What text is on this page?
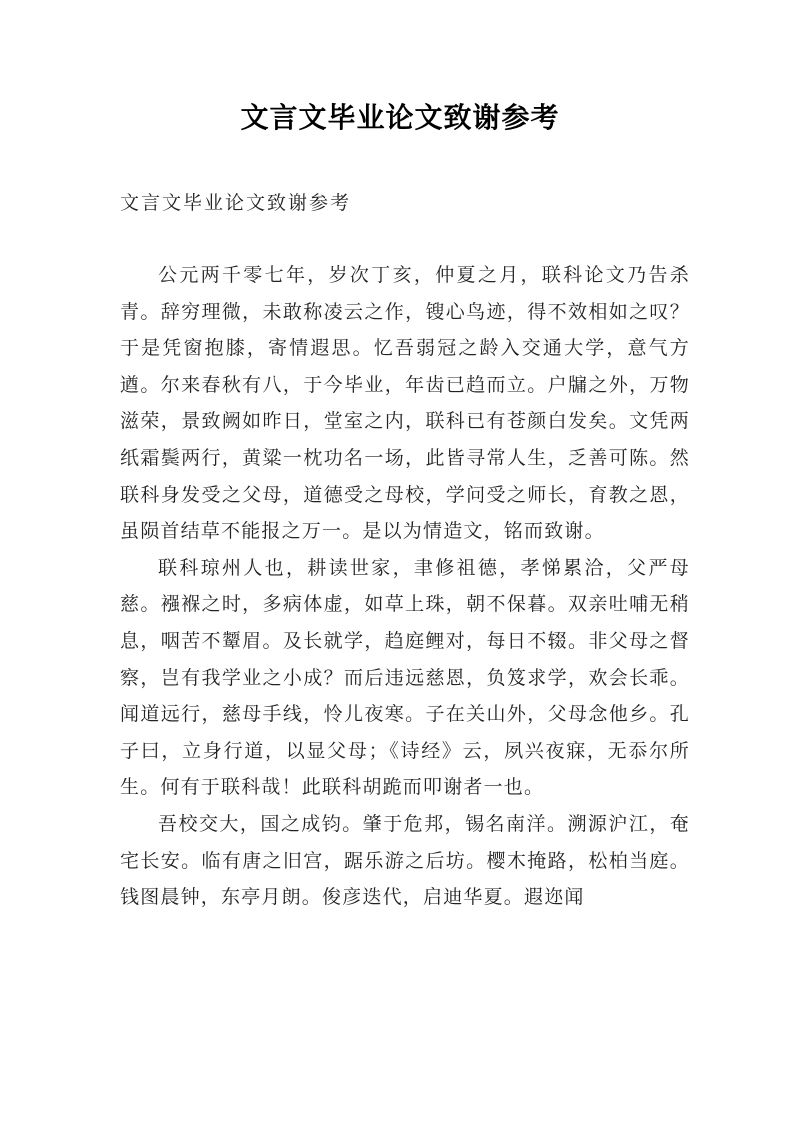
文言文毕业论文致谢参考
文言文毕业论文致谢参考

公元两千零七年，岁次丁亥，仲夏之月，联科论文乃告杀青。辞穷理微，未敢称凌云之作，锼心鸟迹，得不效相如之叹？于是凭窗抱膝，寄情遐思。忆吾弱冠之龄入交通大学，意气方遒。尔来春秋有八，于今毕业，年齿已趋而立。户牖之外，万物滋荣，景致阙如昨日，堂室之内，联科已有苍颜白发矣。文凭两纸霜鬓两行，黄粱一枕功名一场，此皆寻常人生，乏善可陈。然联科身发受之父母，道德受之母校，学问受之师长，育教之恩，虽陨首结草不能报之万一。是以为情造文，铭而致谢。

联科琼州人也，耕读世家，聿修祖德，孝悌累洽，父严母慈。襁褓之时，多病体虚，如草上珠，朝不保暮。双亲吐哺无稍息，咽苦不颦眉。及长就学，趋庭鲤对，每日不辍。非父母之督察，岂有我学业之小成？而后违远慈恩，负笈求学，欢会长乖。闻道远行，慈母手线，怜儿夜寒。子在关山外，父母念他乡。孔子曰，立身行道，以显父母；《诗经》云，夙兴夜寐，无忝尔所生。何有于联科哉！此联科胡跪而叩谢者一也。

吾校交大，国之成钧。肇于危邦，锡名南洋。溯源沪江，奄宅长安。临有唐之旧宫，踞乐游之后坊。樱木掩路，松柏当庭。钱图晨钟，东亭月朗。俊彦迭代，启迪华夏。遐迩闻
